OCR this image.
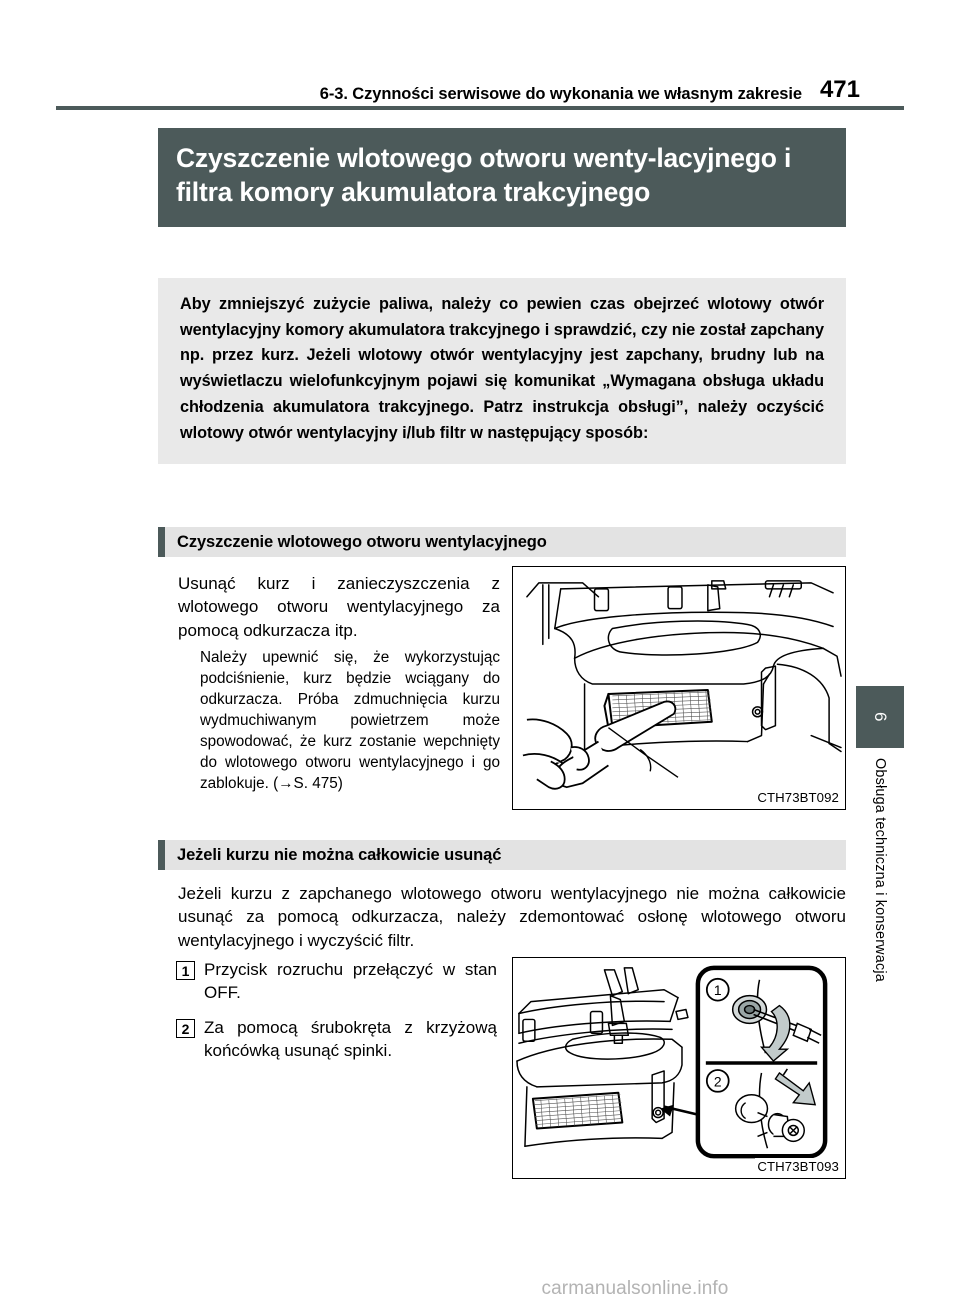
6-3. Czynności serwisowe do wykonania we własnym zakresie 471
Czyszczenie wlotowego otworu wenty-lacyjnego i filtra komory akumulatora trakcyjnego
Aby zmniejszyć zużycie paliwa, należy co pewien czas obejrzeć wlotowy otwór wentylacyjny komory akumulatora trakcyjnego i sprawdzić, czy nie został zapchany np. przez kurz. Jeżeli wlotowy otwór wentylacyjny jest zapchany, brudny lub na wyświetlaczu wielofunkcyjnym pojawi się komunikat „Wymagana obsługa układu chłodzenia akumulatora trakcyjnego. Patrz instrukcja obsługi”, należy oczyścić wlotowy otwór wentylacyjny i/lub filtr w następujący sposób:
Czyszczenie wlotowego otworu wentylacyjnego
Usunąć kurz i zanieczyszczenia z wlotowego otworu wentylacyjnego za pomocą odkurzacza itp.
Należy upewnić się, że wykorzystując podciśnienie, kurz będzie wciągany do odkurzacza. Próba zdmuchnięcia kurzu wydmuchiwanym powietrzem może spowodować, że kurz zostanie wepchnięty do wlotowego otworu wentylacyjnego i go zablokuje. (→S. 475)
CTH73BT092
Jeżeli kurzu nie można całkowicie usunąć
Jeżeli kurzu z zapchanego wlotowego otworu wentylacyjnego nie można całkowicie usunąć za pomocą odkurzacza, należy zdemontować osłonę wlotowego otworu wentylacyjnego i wyczyścić filtr.
1 Przycisk rozruchu przełączyć w stan OFF.
2 Za pomocą śrubokręta z krzyżową końcówką usunąć spinki.
1
2
CTH73BT093
6
Obsługa techniczna i konserwacja
carmanualsonline.info
